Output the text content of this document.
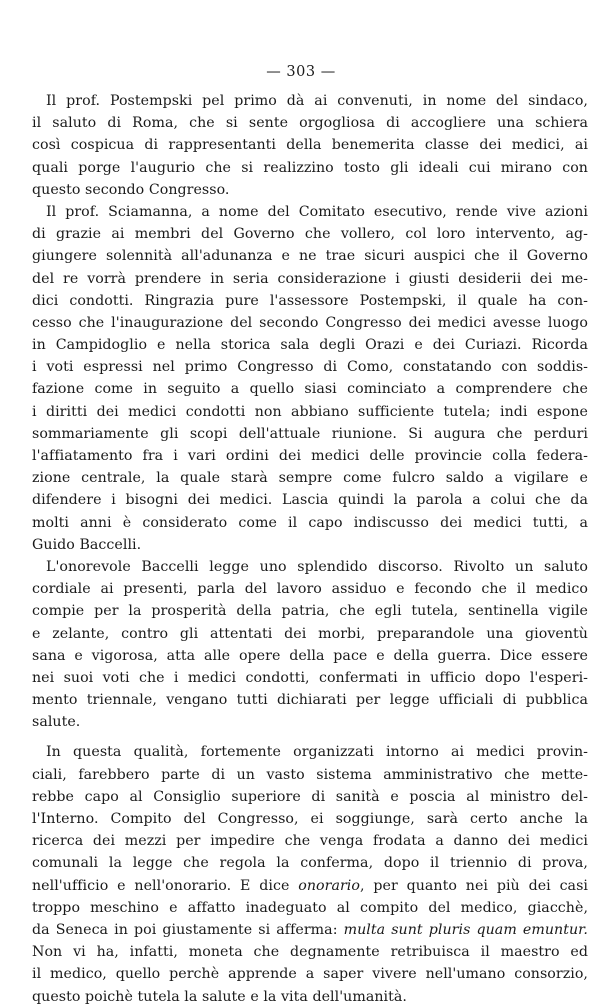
— 303 —
Il prof. Postempski pel primo dà ai convenuti, in nome del sindaco,
il saluto di Roma, che si sente orgogliosa di accogliere una schiera
così cospicua di rappresentanti della benemerita classe dei medici, ai
quali porge l'augurio che si realizzino tosto gli ideali cui mirano con
questo secondo Congresso.
Il prof. Sciamanna, a nome del Comitato esecutivo, rende vive azioni
di grazie ai membri del Governo che vollero, col loro intervento, ag-
giungere solennità all'adunanza e ne trae sicuri auspici che il Governo
del re vorrà prendere in seria considerazione i giusti desiderii dei me-
dici condotti. Ringrazia pure l'assessore Postempski, il quale ha con-
cesso che l'inaugurazione del secondo Congresso dei medici avesse luogo
in Campidoglio e nella storica sala degli Orazi e dei Curiazi. Ricorda
i voti espressi nel primo Congresso di Como, constatando con soddis-
fazione come in seguito a quello siasi cominciato a comprendere che
i diritti dei medici condotti non abbiano sufficiente tutela; indi espone
sommariamente gli scopi dell'attuale riunione. Si augura che perduri
l'affiatamento fra i vari ordini dei medici delle provincie colla federa-
zione centrale, la quale starà sempre come fulcro saldo a vigilare e
difendere i bisogni dei medici. Lascia quindi la parola a colui che da
molti anni è considerato come il capo indiscusso dei medici tutti, a
Guido Baccelli.
L'onorevole Baccelli legge uno splendido discorso. Rivolto un saluto
cordiale ai presenti, parla del lavoro assiduo e fecondo che il medico
compie per la prosperità della patria, che egli tutela, sentinella vigile
e zelante, contro gli attentati dei morbi, preparandole una gioventù
sana e vigorosa, atta alle opere della pace e della guerra. Dice essere
nei suoi voti che i medici condotti, confermati in ufficio dopo l'esperi-
mento triennale, vengano tutti dichiarati per legge ufficiali di pubblica
salute.
In questa qualità, fortemente organizzati intorno ai medici provin-
ciali, farebbero parte di un vasto sistema amministrativo che mette-
rebbe capo al Consiglio superiore di sanità e poscia al ministro del-
l'Interno. Compito del Congresso, ei soggiunge, sarà certo anche la
ricerca dei mezzi per impedire che venga frodata a danno dei medici
comunali la legge che regola la conferma, dopo il triennio di prova,
nell'ufficio e nell'onorario. E dice onorario, per quanto nei più dei casi
troppo meschino e affatto inadeguato al compito del medico, giacchè,
da Seneca in poi giustamente si afferma: multa sunt pluris quam emuntur.
Non vi ha, infatti, moneta che degnamente retribuisca il maestro ed
il medico, quello perchè apprende a saper vivere nell'umano consorzio,
questo poichè tutela la salute e la vita dell'umanità.
